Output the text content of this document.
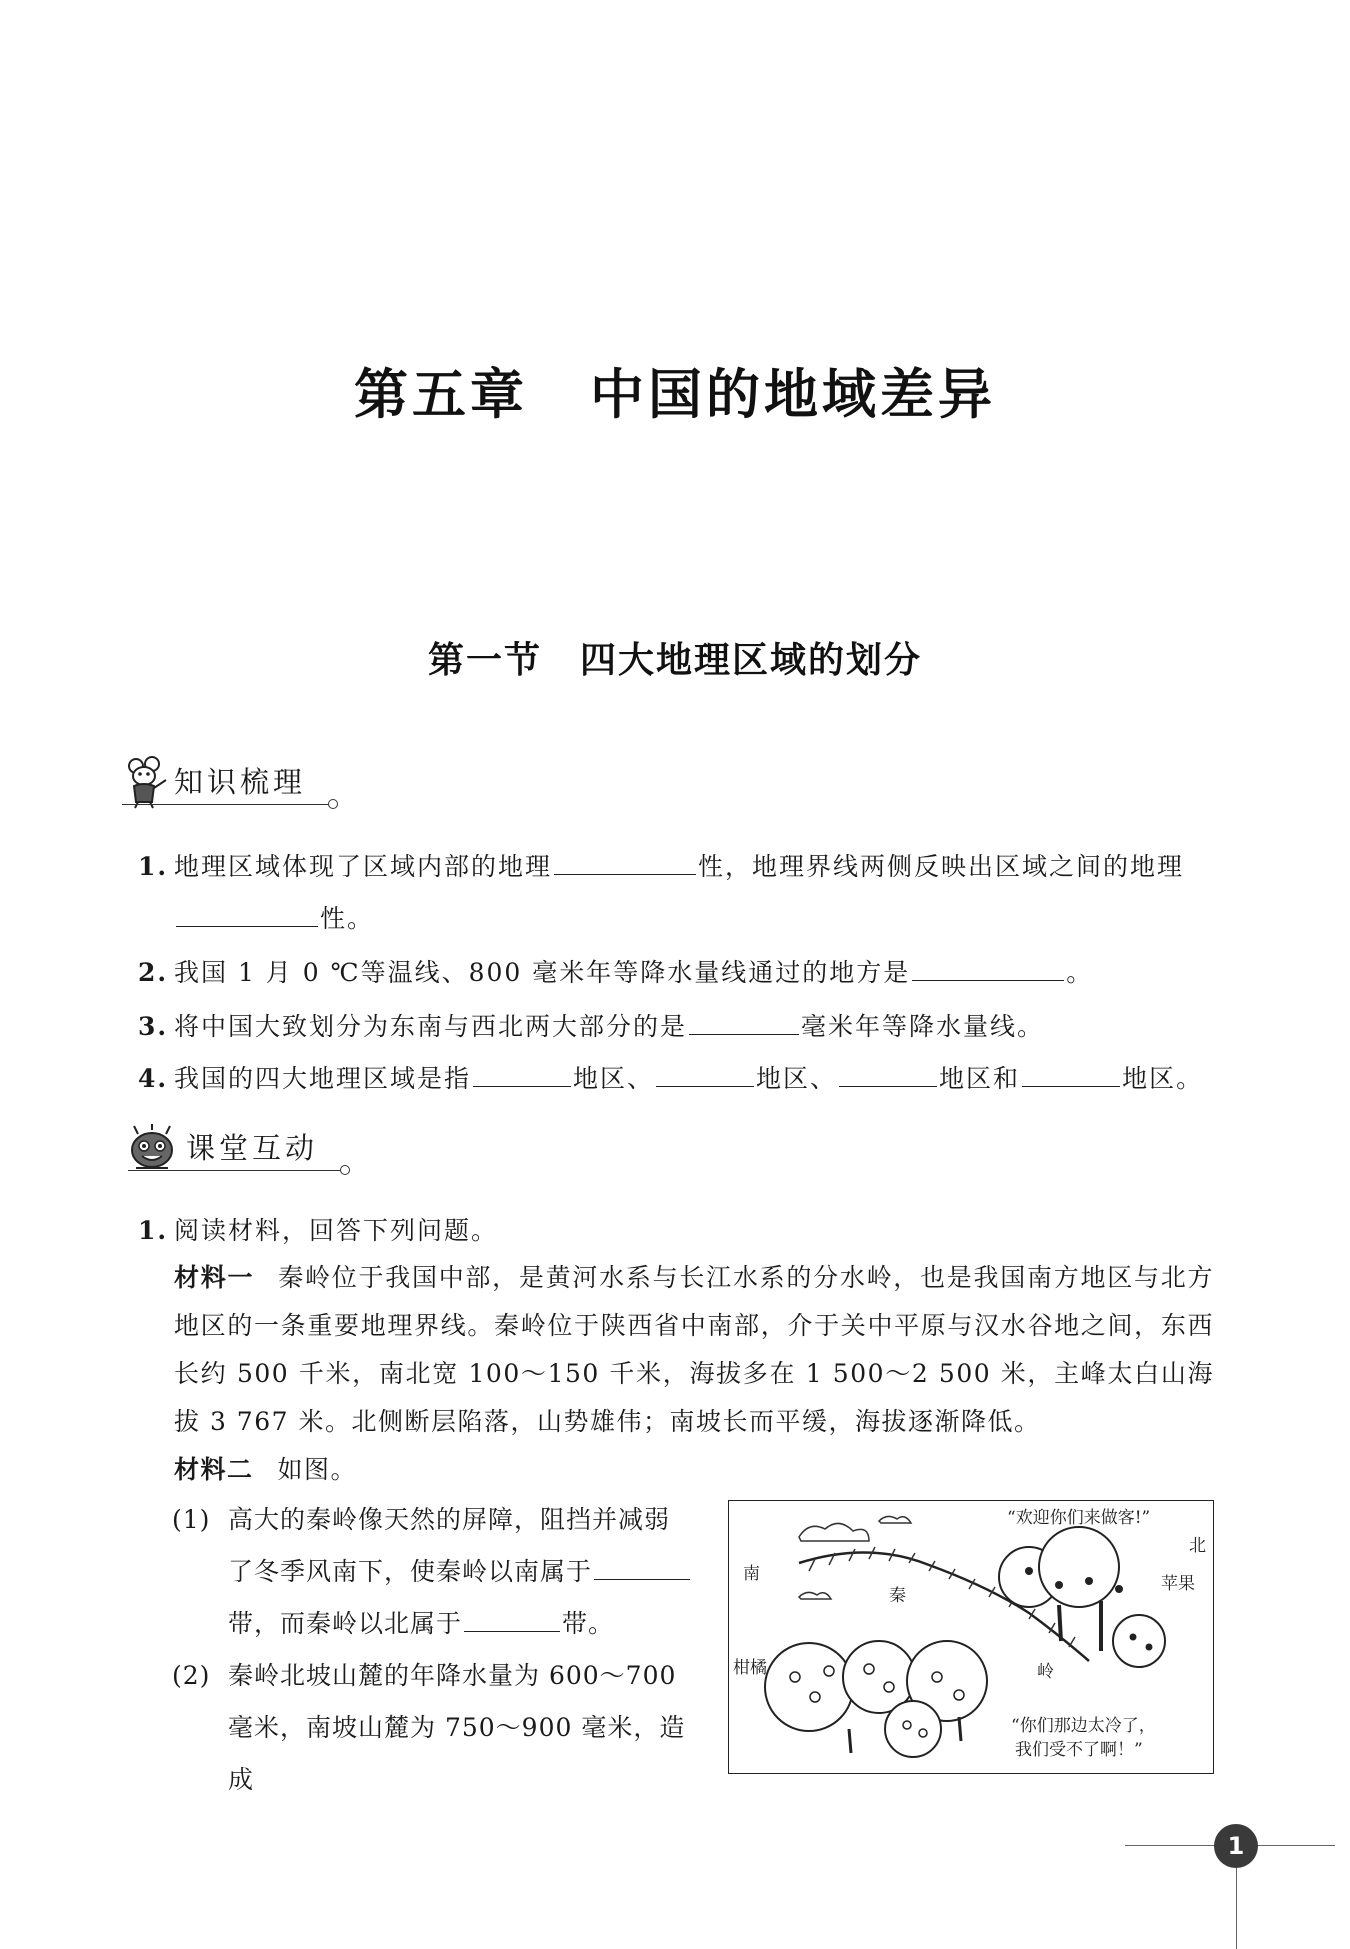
第五章 中国的地域差异
第一节 四大地理区域的划分
知识梳理
1. 地理区域体现了区域内部的地理	性，地理界线两侧反映出区域之间的地理
性。
2. 我国 1 月 0 ℃等温线、800 毫米年等降水量线通过的地方是	。
3. 将中国大致划分为东南与西北两大部分的是	毫米年等降水量线。
4. 我国的四大地理区域是指	地区、	地区、	地区和	地区。
课堂互动
1. 阅读材料，回答下列问题。
材料一 秦岭位于我国中部，是黄河水系与长江水系的分水岭，也是我国南方地区与北方地区的一条重要地理界线。秦岭位于陕西省中南部，介于关中平原与汉水谷地之间，东西长约 500 千米，南北宽 100～150 千米，海拔多在 1 500～2 500 米，主峰太白山海拔 3 767 米。北侧断层陷落，山势雄伟；南坡长而平缓，海拔逐渐降低。
材料二 如图。
(1) 高大的秦岭像天然的屏障，阻挡并减弱
了冬季风南下，使秦岭以南属于
带，而秦岭以北属于	带。
(2) 秦岭北坡山麓的年降水量为 600～700
毫米，南坡山麓为 750～900 毫米，造成
“欢迎你们来做客!”
北
南
秦
岭
苹果
柑橘
“你们那边太冷了，
我们受不了啊！”
1
